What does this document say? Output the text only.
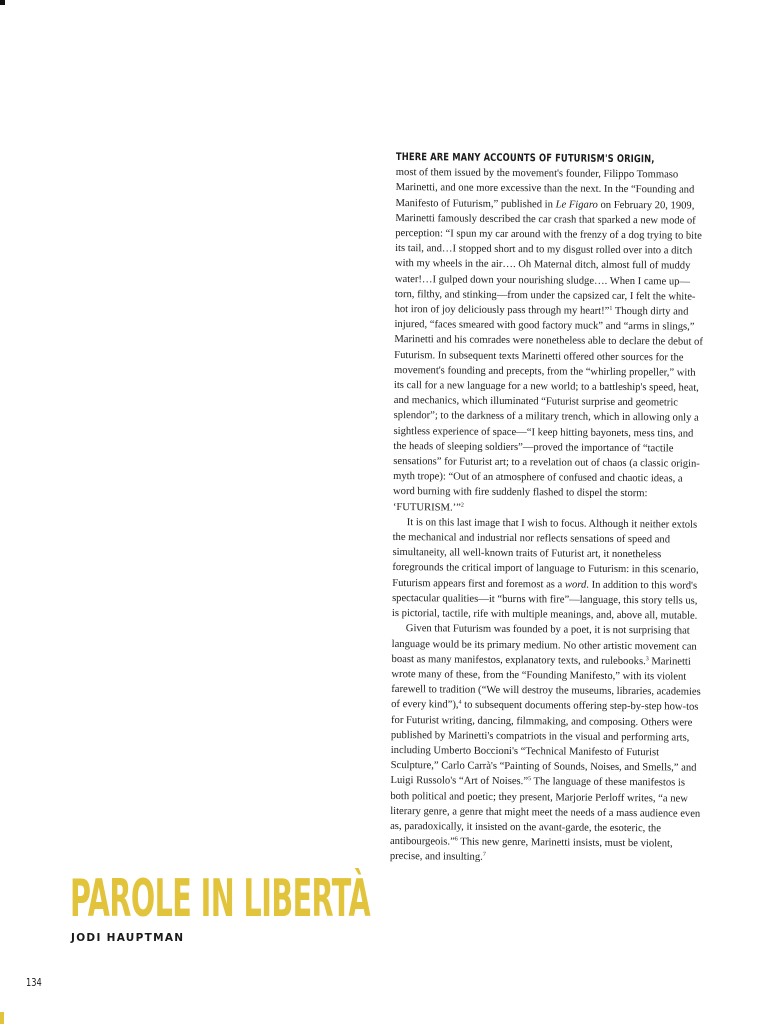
THERE ARE MANY ACCOUNTS OF FUTURISM'S ORIGIN, most of them issued by the movement's founder, Filippo Tommaso Marinetti, and one more excessive than the next. In the “Founding and Manifesto of Futurism,” published in Le Figaro on February 20, 1909, Marinetti famously described the car crash that sparked a new mode of perception: “I spun my car around with the frenzy of a dog trying to bite its tail, and…I stopped short and to my disgust rolled over into a ditch with my wheels in the air…. Oh Maternal ditch, almost full of muddy water!…I gulped down your nourishing sludge…. When I came up—torn, filthy, and stinking—from under the capsized car, I felt the white-hot iron of joy deliciously pass through my heart!”$^1$ Though dirty and injured, “faces smeared with good factory muck” and “arms in slings,” Marinetti and his comrades were nonetheless able to declare the debut of Futurism. In subsequent texts Marinetti offered other sources for the movement's founding and precepts, from the “whirling propeller,” with its call for a new language for a new world; to a battleship's speed, heat, and mechanics, which illuminated “Futurist surprise and geometric splendor”; to the darkness of a military trench, which in allowing only a sightless experience of space—“I keep hitting bayonets, mess tins, and the heads of sleeping soldiers”—proved the importance of “tactile sensations” for Futurist art; to a revelation out of chaos (a classic origin-myth trope): “Out of an atmosphere of confused and chaotic ideas, a word burning with fire suddenly flashed to dispel the storm: ‘FUTURISM.’”$^2$

It is on this last image that I wish to focus. Although it neither extols the mechanical and industrial nor reflects sensations of speed and simultaneity, all well-known traits of Futurist art, it nonetheless foregrounds the critical import of language to Futurism: in this scenario, Futurism appears first and foremost as a word. In addition to this word's spectacular qualities—it “burns with fire”—language, this story tells us, is pictorial, tactile, rife with multiple meanings, and, above all, mutable.

Given that Futurism was founded by a poet, it is not surprising that language would be its primary medium. No other artistic movement can boast as many manifestos, explanatory texts, and rulebooks.$^3$ Marinetti wrote many of these, from the “Founding Manifesto,” with its violent farewell to tradition (“We will destroy the museums, libraries, academies of every kind”),$^4$ to subsequent documents offering step-by-step how-tos for Futurist writing, dancing, filmmaking, and composing. Others were published by Marinetti's compatriots in the visual and performing arts, including Umberto Boccioni's “Technical Manifesto of Futurist Sculpture,” Carlo Carrà's “Painting of Sounds, Noises, and Smells,” and Luigi Russolo's “Art of Noises.”$^5$ The language of these manifestos is both political and poetic; they present, Marjorie Perloff writes, “a new literary genre, a genre that might meet the needs of a mass audience even as, paradoxically, it insisted on the avant-garde, the esoteric, the antibourgeois.”$^6$ This new genre, Marinetti insists, must be violent, precise, and insulting.$^7$

PAROLE IN LIBERTÀ
JODI HAUPTMAN
134
